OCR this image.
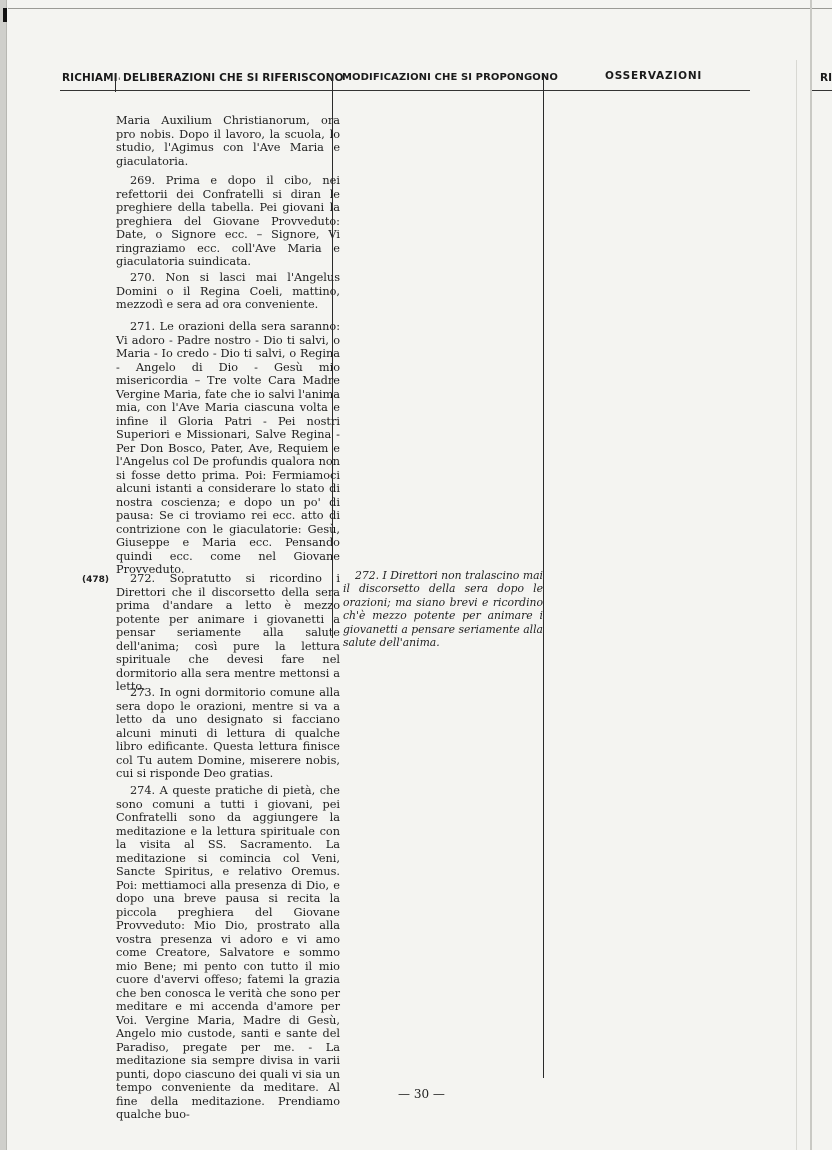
RICHIAMI ' DELIBERAZIONI CHE SI RIFERISCONO
MODIFICAZIONI CHE SI PROPONGONO	OSSERVAZIONI	RI
(478)

Maria Auxilium Christianorum, ora pro nobis. Dopo il lavoro, la scuola, lo studio, l'Agimus con l'Ave Maria e giaculatoria.

269. Prima e dopo il cibo, nei refettorii dei Confratelli si diran le preghiere della tabella. Pei giovani la preghiera del Giovane Provveduto: Date, o Signore ecc. – Signore, Vi ringraziamo ecc. coll'Ave Maria e giaculatoria suindicata.

270. Non si lasci mai l'Angelus Domini o il Regina Coeli, mattino, mezzodì e sera ad ora conveniente.

271. Le orazioni della sera saranno: Vi adoro - Padre nostro - Dio ti salvi, o Maria - Io credo - Dio ti salvi, o Regina - Angelo di Dio - Gesù mio misericordia – Tre volte Cara Madre Vergine Maria, fate che io salvi l'anima mia, con l'Ave Maria ciascuna volta e infine il Gloria Patri - Pei nostri Superiori e Missionari, Salve Regina - Per Don Bosco, Pater, Ave, Requiem e l'Angelus col De profundis qualora non si fosse detto prima. Poi: Fermiamoci alcuni istanti a considerare lo stato di nostra coscienza; e dopo un po' di pausa: Se ci troviamo rei ecc. atto di contrizione con le giaculatorie: Gesù, Giuseppe e Maria ecc. Pensando quindi ecc. come nel Giovane Provveduto.

272. Sopratutto si ricordino i Direttori che il discorsetto della sera prima d'andare a letto è mezzo potente per animare i giovanetti a pensar seriamente alla salute dell'anima; così pure la lettura spirituale che devesi fare nel dormitorio alla sera mentre mettonsi a letto.

273. In ogni dormitorio comune alla sera dopo le orazioni, mentre si va a letto da uno designato si facciano alcuni minuti di lettura di qualche libro edificante. Questa lettura finisce col Tu autem Domine, miserere nobis, cui si risponde Deo gratias.

274. A queste pratiche di pietà, che sono comuni a tutti i giovani, pei Confratelli sono da aggiungere la meditazione e la lettura spirituale con la visita al SS. Sacramento. La meditazione si comincia col Veni, Sancte Spiritus, e relativo Oremus. Poi: mettiamoci alla presenza di Dio, e dopo una breve pausa si recita la piccola preghiera del Giovane Provveduto: Mio Dio, prostrato alla vostra presenza vi adoro e vi amo come Creatore, Salvatore e sommo mio Bene; mi pento con tutto il mio cuore d'avervi offeso; fatemi la grazia che ben conosca le verità che sono per meditare e mi accenda d'amore per Voi. Vergine Maria, Madre di Gesù, Angelo mio custode, santi e sante del Paradiso, pregate per me. - La meditazione sia sempre divisa in varii punti, dopo ciascuno dei quali vi sia un tempo conveniente da meditare. Al fine della meditazione. Prendiamo qualche buo-

272. I Direttori non tralascino mai il discorsetto della sera dopo le orazioni; ma siano brevi e ricordino ch'è mezzo potente per animare i giovanetti a pensare seriamente alla salute dell'anima.
— 30 —
